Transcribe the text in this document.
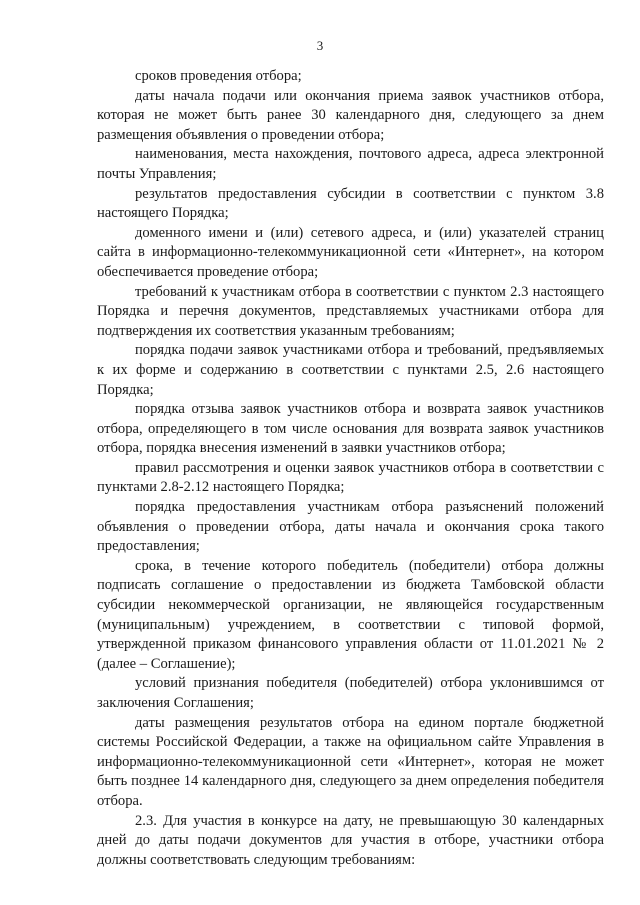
3

сроков проведения отбора;

даты начала подачи или окончания приема заявок участников отбора, которая не может быть ранее 30 календарного дня, следующего за днем размещения объявления о проведении отбора;

наименования, места нахождения, почтового адреса, адреса электронной почты Управления;

результатов предоставления субсидии в соответствии с пунктом 3.8 настоящего Порядка;

доменного имени и (или) сетевого адреса, и (или) указателей страниц сайта в информационно-телекоммуникационной сети «Интернет», на котором обеспечивается проведение отбора;

требований к участникам отбора в соответствии с пунктом 2.3 настоящего Порядка и перечня документов, представляемых участниками отбора для подтверждения их соответствия указанным требованиям;

порядка подачи заявок участниками отбора и требований, предъявляемых к их форме и содержанию в соответствии с пунктами 2.5, 2.6 настоящего Порядка;

порядка отзыва заявок участников отбора и возврата заявок участников отбора, определяющего в том числе основания для возврата заявок участников отбора, порядка внесения изменений в заявки участников отбора;

правил рассмотрения и оценки заявок участников отбора в соответствии с пунктами 2.8-2.12 настоящего Порядка;

порядка предоставления участникам отбора разъяснений положений объявления о проведении отбора, даты начала и окончания срока такого предоставления;

срока, в течение которого победитель (победители) отбора должны подписать соглашение о предоставлении из бюджета Тамбовской области субсидии некоммерческой организации, не являющейся государственным (муниципальным) учреждением, в соответствии с типовой формой, утвержденной приказом финансового управления области от 11.01.2021 № 2 (далее – Соглашение);

условий признания победителя (победителей) отбора уклонившимся от заключения Соглашения;

даты размещения результатов отбора на едином портале бюджетной системы Российской Федерации, а также на официальном сайте Управления в информационно-телекоммуникационной сети «Интернет», которая не может быть позднее 14 календарного дня, следующего за днем определения победителя отбора.

2.3. Для участия в конкурсе на дату, не превышающую 30 календарных дней до даты подачи документов для участия в отборе, участники отбора должны соответствовать следующим требованиям:
